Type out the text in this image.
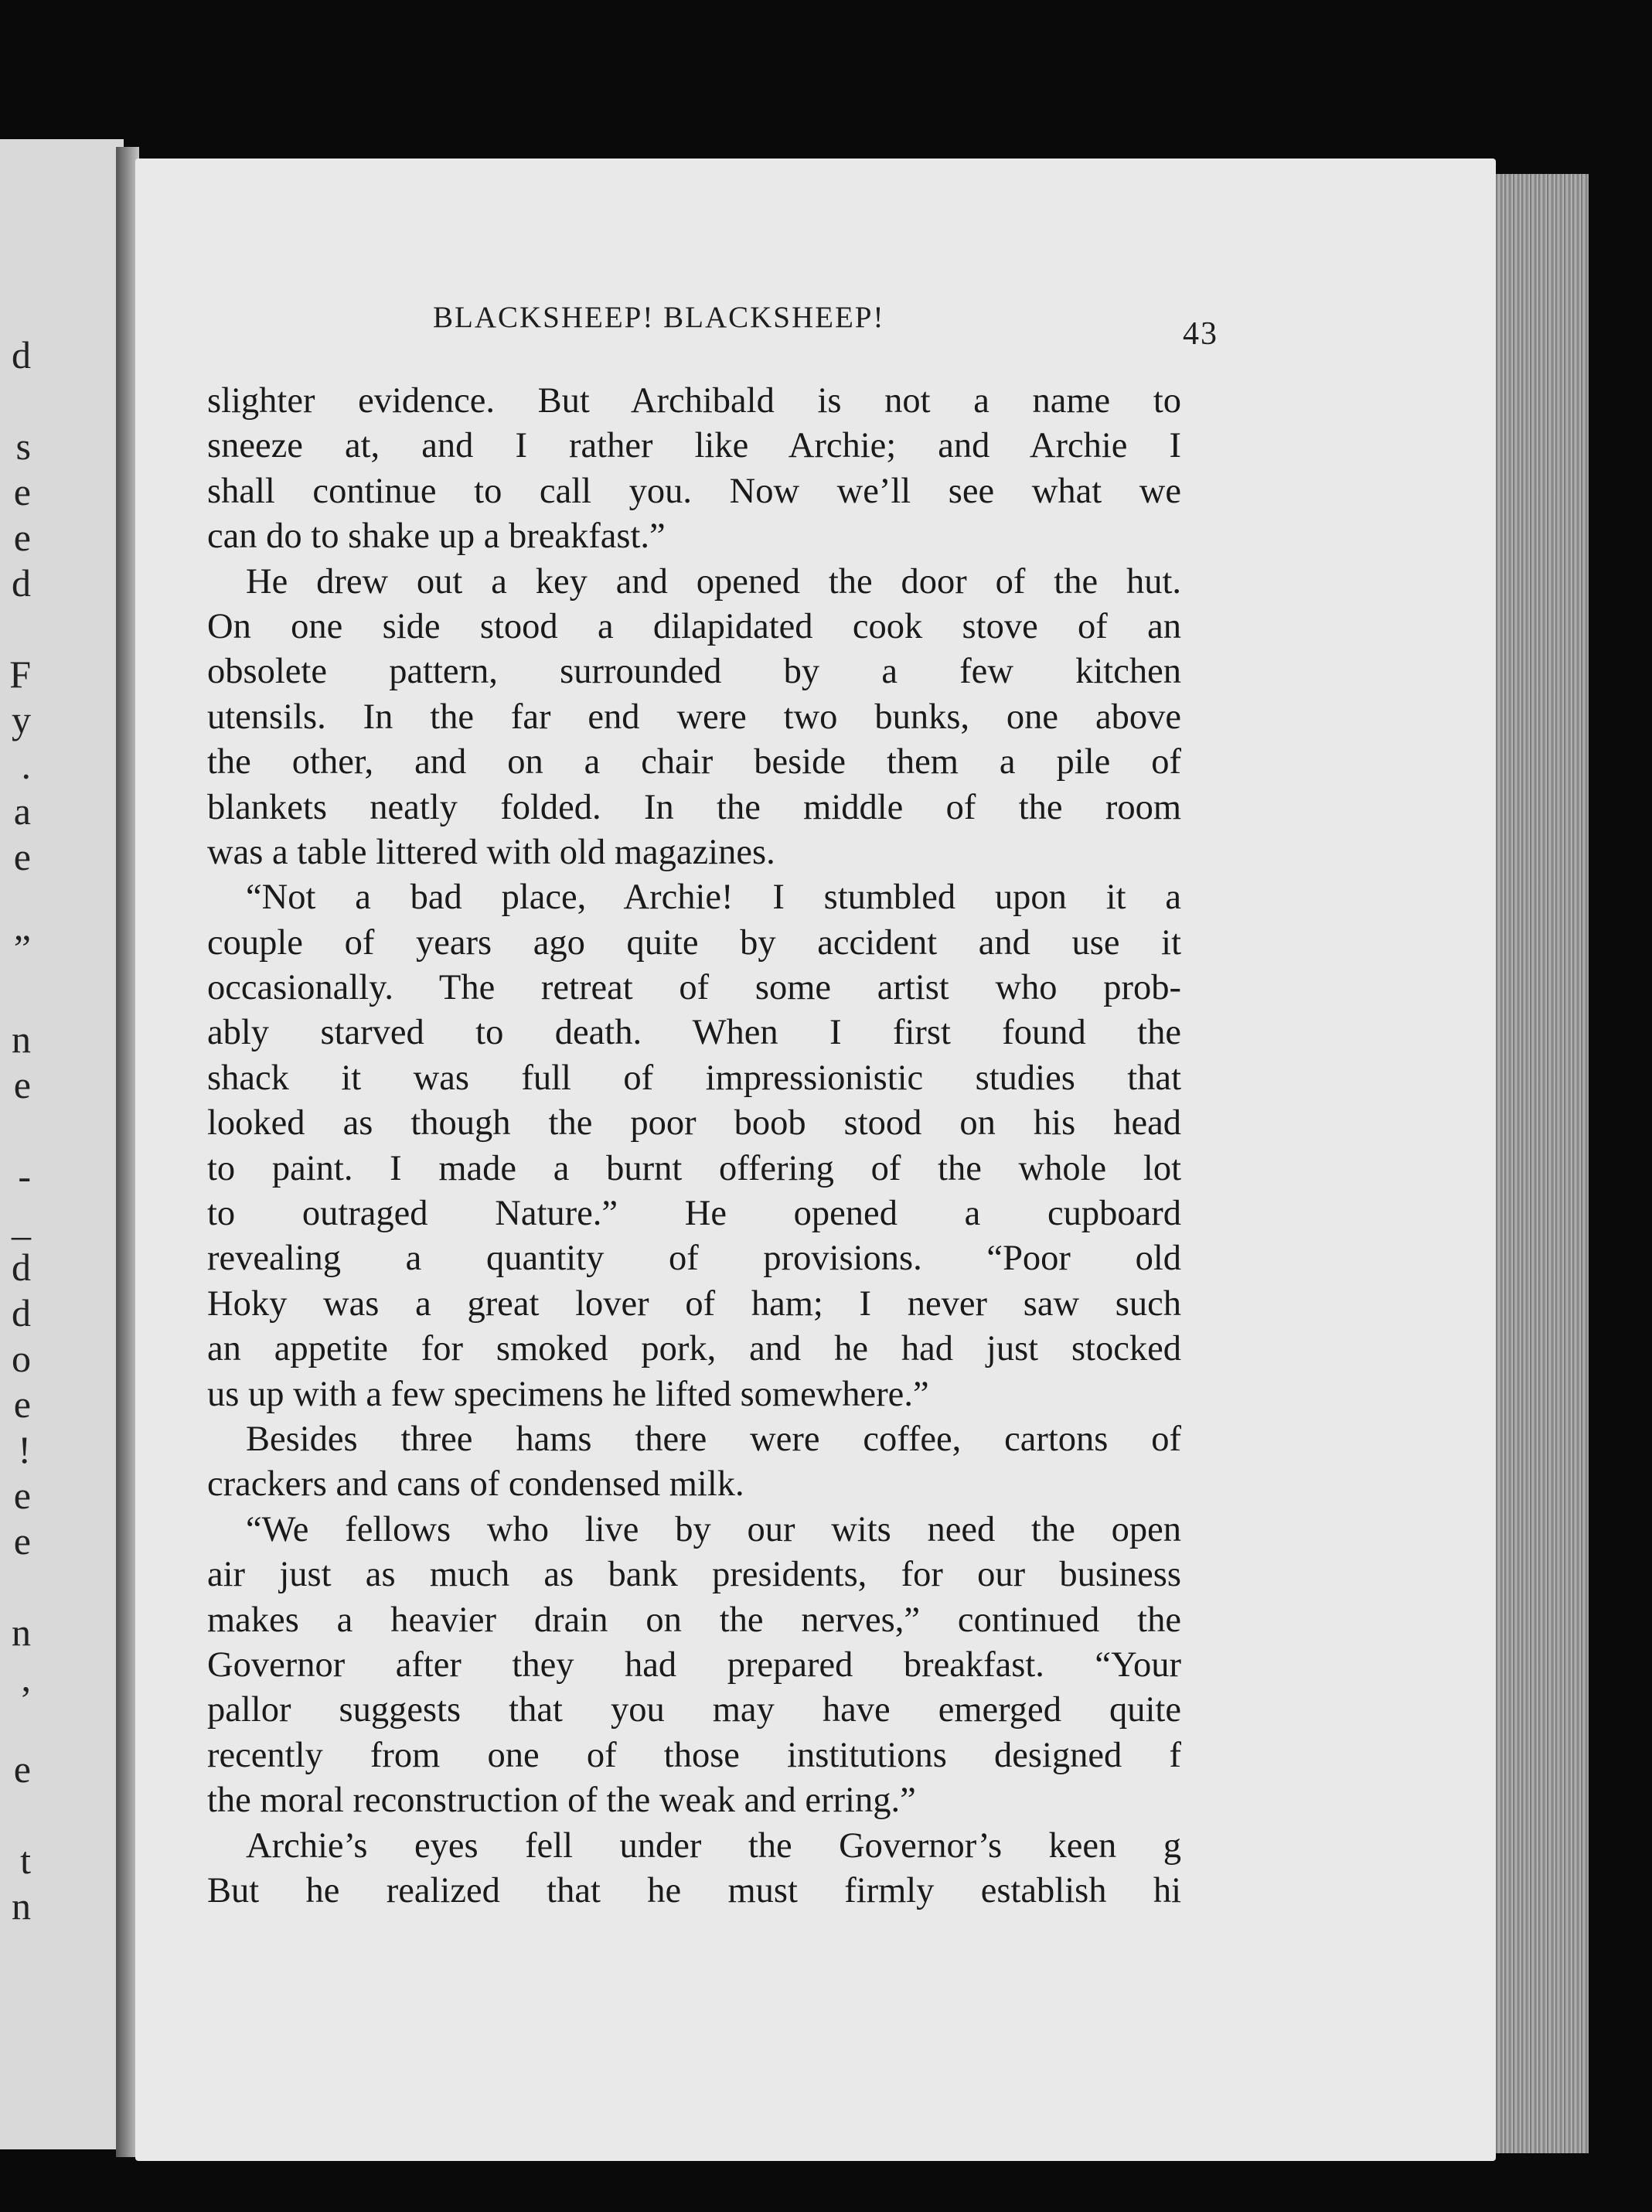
d
s
e
e
d
F
y
.
a
e
”
n
e
-
_
d
d
o
e
!
e
e
n
,
e
t
n
BLACKSHEEP! BLACKSHEEP!	43
slighter evidence. But Archibald is not a name to
sneeze at, and I rather like Archie; and Archie I
shall continue to call you. Now we’ll see what we
can do to shake up a breakfast.”
He drew out a key and opened the door of the hut.
On one side stood a dilapidated cook stove of an
obsolete pattern, surrounded by a few kitchen
utensils. In the far end were two bunks, one above
the other, and on a chair beside them a pile of
blankets neatly folded. In the middle of the room
was a table littered with old magazines.
“Not a bad place, Archie! I stumbled upon it a
couple of years ago quite by accident and use it
occasionally. The retreat of some artist who prob-
ably starved to death. When I first found the
shack it was full of impressionistic studies that
looked as though the poor boob stood on his head
to paint. I made a burnt offering of the whole lot
to outraged Nature.” He opened a cupboard
revealing a quantity of provisions. “Poor old
Hoky was a great lover of ham; I never saw such
an appetite for smoked pork, and he had just stocked
us up with a few specimens he lifted somewhere.”
Besides three hams there were coffee, cartons of
crackers and cans of condensed milk.
“We fellows who live by our wits need the open
air just as much as bank presidents, for our business
makes a heavier drain on the nerves,” continued the
Governor after they had prepared breakfast. “Your
pallor suggests that you may have emerged quite
recently from one of those institutions designed f
the moral reconstruction of the weak and erring.”
Archie’s eyes fell under the Governor’s keen g
But he realized that he must firmly establish hi
